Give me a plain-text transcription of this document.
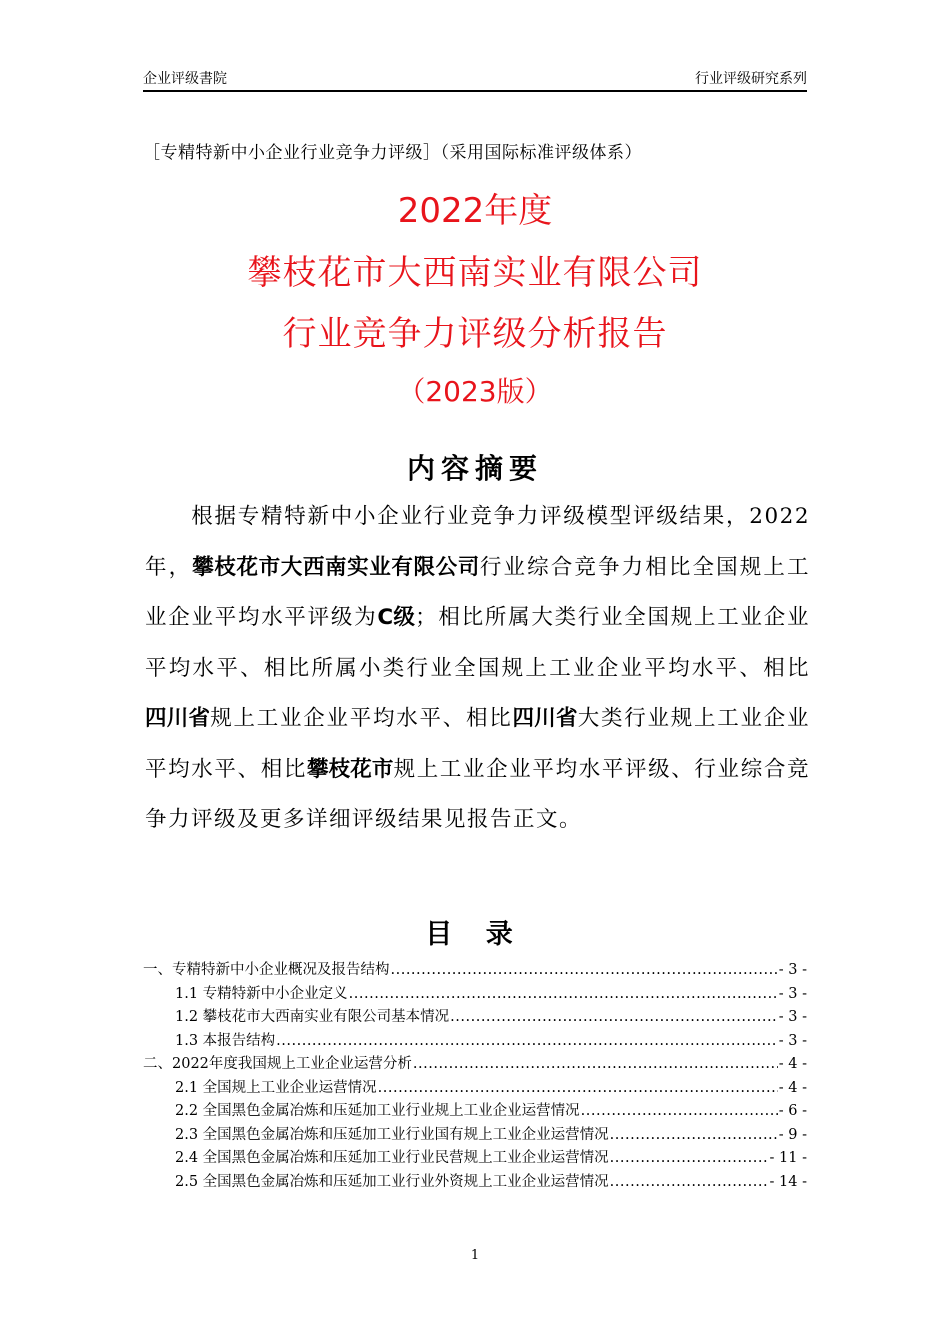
企业评级書院	行业评级研究系列
［专精特新中小企业行业竞争力评级］（采用国际标准评级体系）
2022年度
攀枝花市大西南实业有限公司
行业竞争力评级分析报告
（2023版）
内容摘要
根据专精特新中小企业行业竞争力评级模型评级结果，2022年，攀枝花市大西南实业有限公司行业综合竞争力相比全国规上工业企业平均水平评级为C级；相比所属大类行业全国规上工业企业平均水平、相比所属小类行业全国规上工业企业平均水平、相比四川省规上工业企业平均水平、相比四川省大类行业规上工业企业平均水平、相比攀枝花市规上工业企业平均水平评级、行业综合竞争力评级及更多详细评级结果见报告正文。
目 录
一、专精特新中小企业概况及报告结构 .....	- 3 -
1.1 专精特新中小企业定义 .....	- 3 -
1.2 攀枝花市大西南实业有限公司基本情况 .....	- 3 -
1.3 本报告结构 .....	- 3 -
二、2022年度我国规上工业企业运营分析 .....	- 4 -
2.1 全国规上工业企业运营情况 .....	- 4 -
2.2 全国黑色金属冶炼和压延加工业行业规上工业企业运营情况 .....	- 6 -
2.3 全国黑色金属冶炼和压延加工业行业国有规上工业企业运营情况 .....	- 9 -
2.4 全国黑色金属冶炼和压延加工业行业民营规上工业企业运营情况 .....	- 11 -
2.5 全国黑色金属冶炼和压延加工业行业外资规上工业企业运营情况 .....	- 14 -
1
